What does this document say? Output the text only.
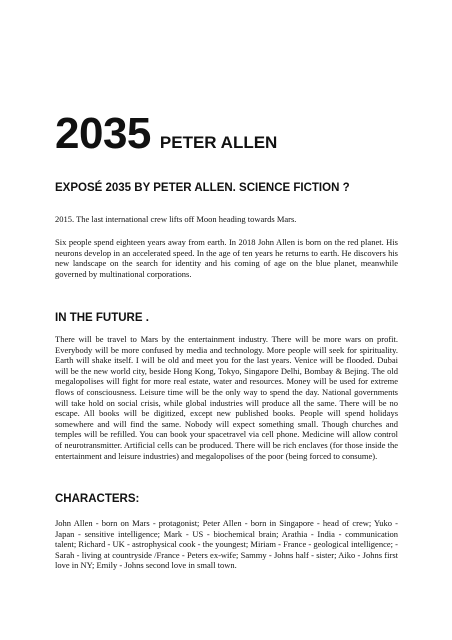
2035 PETER ALLEN
EXPOSÉ 2035 BY PETER ALLEN. SCIENCE FICTION ?

2015. The last international crew lifts off Moon heading towards Mars.

Six people spend eighteen years away from earth. In 2018 John Allen is born on the red planet. His neurons develop in an accelerated speed. In the age of ten years he returns to earth. He discovers his new landscape on the search for identity and his coming of age on the blue planet, meanwhile governed by multinational corporations.

IN THE FUTURE .

There will be travel to Mars by the entertainment industry. There will be more wars on profit. Everybody will be more confused by media and technology. More people will seek for spirituality. Earth will shake itself. I will be old and meet you for the last years. Venice will be flooded. Dubai will be the new world city, beside Hong Kong, Tokyo, Singapore Delhi, Bombay & Bejing. The old megalopolises will fight for more real estate, water and resources. Money will be used for extreme flows of consciousness. Leisure time will be the only way to spend the day. National governments will take hold on social crisis, while global industries will produce all the same. There will be no escape. All books will be digitized, except new published books. People will spend holidays somewhere and will find the same. Nobody will expect something small. Though churches and temples will be refilled. You can book your spacetravel via cell phone. Medicine will allow control of neurotransmitter. Artificial cells can be produced. There will be rich enclaves (for those inside the entertainment and leisure industries) and megalopolises of the poor (being forced to consume).

CHARACTERS:

John Allen - born on Mars - protagonist; Peter Allen - born in Singapore - head of crew; Yuko - Japan - sensitive intelligence; Mark - US - biochemical brain; Arathia - India - communication talent; Richard - UK - astrophysical cook - the youngest; Miriam - France - geological intelligence; - Sarah - living at countryside /France - Peters ex-wife; Sammy - Johns half - sister; Aiko - Johns first love in NY; Emily - Johns second love in small town.
